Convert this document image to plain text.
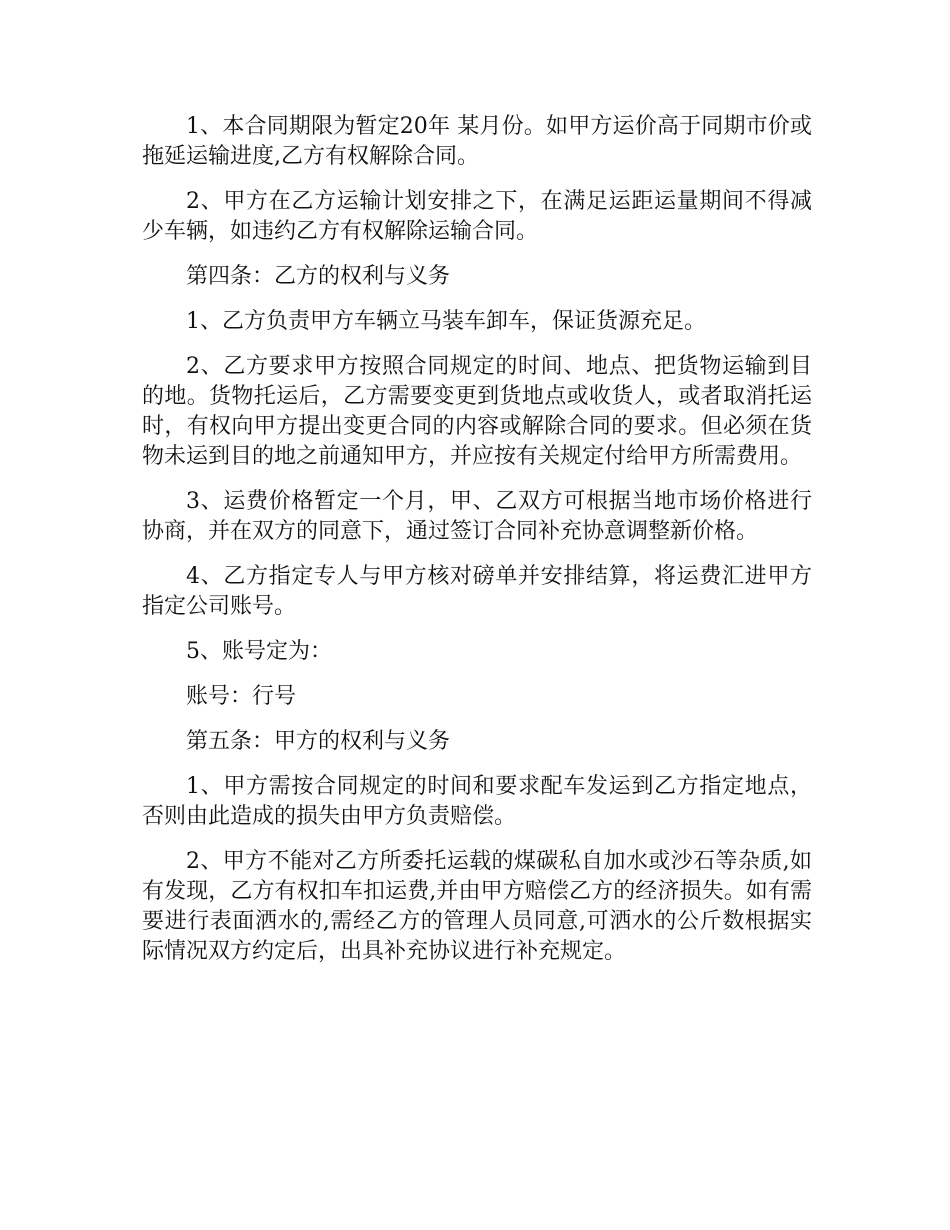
1、本合同期限为暂定20年 某月份。如甲方运价高于同期市价或拖延运输进度,乙方有权解除合同。

2、甲方在乙方运输计划安排之下，在满足运距运量期间不得减少车辆，如违约乙方有权解除运输合同。

第四条：乙方的权利与义务

1、乙方负责甲方车辆立马装车卸车，保证货源充足。

2、乙方要求甲方按照合同规定的时间、地点、把货物运输到目的地。货物托运后，乙方需要变更到货地点或收货人，或者取消托运时，有权向甲方提出变更合同的内容或解除合同的要求。但必须在货物未运到目的地之前通知甲方，并应按有关规定付给甲方所需费用。

3、运费价格暂定一个月，甲、乙双方可根据当地市场价格进行协商，并在双方的同意下，通过签订合同补充协意调整新价格。

4、乙方指定专人与甲方核对磅单并安排结算，将运费汇进甲方指定公司账号。

5、账号定为：

账号：行号

第五条：甲方的权利与义务

1、甲方需按合同规定的时间和要求配车发运到乙方指定地点，否则由此造成的损失由甲方负责赔偿。

2、甲方不能对乙方所委托运载的煤碳私自加水或沙石等杂质,如有发现，乙方有权扣车扣运费,并由甲方赔偿乙方的经济损失。如有需要进行表面洒水的,需经乙方的管理人员同意,可洒水的公斤数根据实际情况双方约定后，出具补充协议进行补充规定。
